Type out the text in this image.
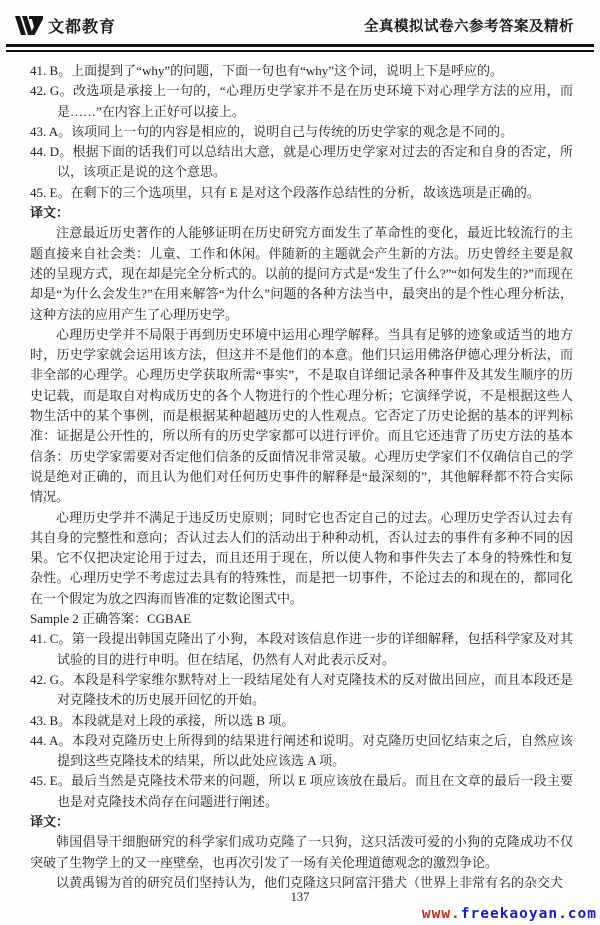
文都教育	全真模拟试卷六参考答案及精析
41. B。上面提到了“why”的问题，下面一句也有“why”这个词，说明上下是呼应的。
42. G。改选项是承接上一句的，“心理历史学家并不是在历史环境下对心理学方法的应用，而是……”在内容上正好可以接上。
43. A。该项同上一句的内容是相应的，说明自己与传统的历史学家的观念是不同的。
44. D。根据下面的话我们可以总结出大意，就是心理历史学家对过去的否定和自身的否定，所以，该项正是说的这个意思。
45. E。在剩下的三个选项里，只有 E 是对这个段落作总结性的分析，故该选项是正确的。
译文：

注意最近历史著作的人能够证明在历史研究方面发生了革命性的变化，最近比较流行的主题直接来自社会类：儿童、工作和休闲。伴随新的主题就会产生新的方法。历史曾经主要是叙述的呈现方式，现在却是完全分析式的。以前的提问方式是“发生了什么?”“如何发生的?”而现在却是“为什么会发生?”在用来解答“为什么”问题的各种方法当中，最突出的是个性心理分析法，这种方法的应用产生了心理历史学。

心理历史学并不局限于再到历史环境中运用心理学解释。当具有足够的迹象或适当的地方时，历史学家就会运用该方法，但这并不是他们的本意。他们只运用佛洛伊德心理分析法，而非全部的心理学。心理历史学获取所需“事实”，不是取自详细记录各种事件及其发生顺序的历史记载，而是取自对构成历史的各个人物进行的个性心理分析；它演绎学说，不是根据这些人物生活中的某个事例，而是根据某种超越历史的人性观点。它否定了历史论据的基本的评判标准：证据是公开性的，所以所有的历史学家都可以进行评价。而且它还违背了历史方法的基本信条：历史学家需要对否定他们信条的反面情况非常灵敏。心理历史学家们不仅确信自己的学说是绝对正确的，而且认为他们对任何历史事件的解释是“最深刻的”，其他解释都不符合实际情况。

心理历史学并不满足于违反历史原则；同时它也否定自己的过去。心理历史学否认过去有其自身的完整性和意向；否认过去人们的活动出于种种动机，否认过去的事件有多种不同的因果。它不仅把决定论用于过去，而且还用于现在，所以使人物和事件失去了本身的特殊性和复杂性。心理历史学不考虑过去具有的特殊性，而是把一切事件，不论过去的和现在的，都同化在一个假定为放之四海而皆准的定数论图式中。

Sample 2 正确答案：CGBAE
41. C。第一段提出韩国克隆出了小狗，本段对该信息作进一步的详细解释，包括科学家及对其试验的目的进行申明。但在结尾，仍然有人对此表示反对。
42. G。本段是科学家维尔默特对上一段结尾处有人对克隆技术的反对做出回应，而且本段还是对克隆技术的历史展开回忆的开始。
43. B。本段就是对上段的承接，所以选 B 项。
44. A。本段对克隆历史上所得到的结果进行阐述和说明。对克隆历史回忆结束之后，自然应该提到这些克隆技术的结果，所以此处应该选 A 项。
45. E。最后当然是克隆技术带来的问题，所以 E 项应该放在最后。而且在文章的最后一段主要也是对克隆技术尚存在问题进行阐述。
译文：

韩国倡导干细胞研究的科学家们成功克隆了一只狗，这只活泼可爱的小狗的克隆成功不仅突破了生物学上的又一座壁垒，也再次引发了一场有关伦理道德观念的激烈争论。

以黄禹锡为首的研究员们坚持认为，他们克隆这只阿富汗猎犬（世界上非常有名的杂交犬

137
www.freekaoyan.com
